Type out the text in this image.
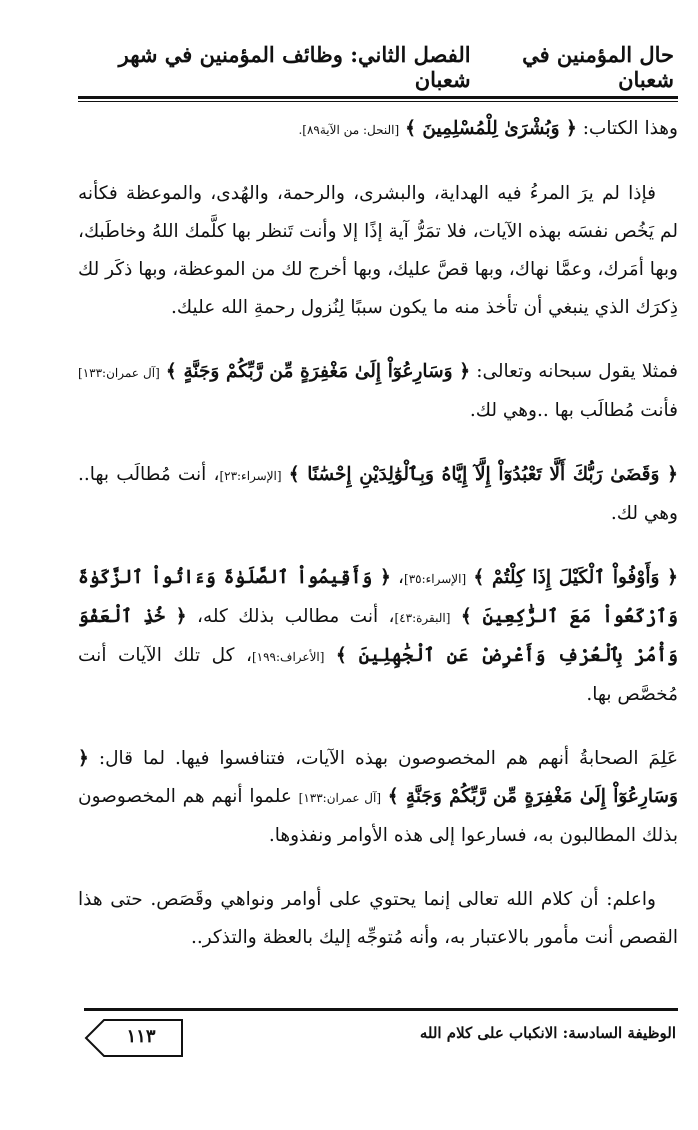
حال المؤمنين في شعبان
الفصل الثاني: وظائف المؤمنين في شهر شعبان

وهذا الكتاب: ﴿ وَبُشْرَىٰ لِلْمُسْلِمِينَ ﴾ [النحل: من الآية٨٩].

فإذا لم يرَ المرءُ فيه الهداية، والبشرى، والرحمة، والهُدى، والموعظة فكأنه لم يَخُص نفسَه بهذه الآيات، فلا تمَرُّ آية إذًا إلا وأنت تَنظر بها كلَّمك اللهُ وخاطَبك، وبها أمَرك، وعمَّا نهاك، وبها قصَّ عليك، وبها أخرج لك من الموعظة، وبها ذكَر لك ذِكرَك الذي ينبغي أن تأخذ منه ما يكون سببًا لِنُزول رحمةِ الله عليك.

فمثلا يقول سبحانه وتعالى: ﴿ وَسَارِعُوٓاْ إِلَىٰ مَغْفِرَةٍ مِّن رَّبِّكُمْ وَجَنَّةٍ ﴾ [آل عمران:١٣٣] فأنت مُطالَب بها ..وهي لك.

﴿ وَقَضَىٰ رَبُّكَ أَلَّا تَعْبُدُوٓاْ إِلَّآ إِيَّاهُ وَبِٱلْوَٰلِدَيْنِ إِحْسَٰنًا ﴾ [الإسراء:٢٣]، أنت مُطالَب بها.. وهي لك.

﴿ وَأَوْفُواْ ٱلْكَيْلَ إِذَا كِلْتُمْ ﴾ [الإسراء:٣٥]، ﴿ وَأَقِيمُواْ ٱلصَّلَوٰةَ وَءَاتُواْ ٱلزَّكَوٰةَ وَٱرْكَعُواْ مَعَ ٱلرَّٰكِعِينَ ﴾ [البقرة:٤٣]، أنت مطالب بذلك كله، ﴿ خُذِ ٱلْعَفْوَ وَأْمُرْ بِٱلْعُرْفِ وَأَعْرِضْ عَنِ ٱلْجَٰهِلِينَ ﴾ [الأعراف:١٩٩]، كل تلك الآيات أنت مُخصَّص بها.

عَلِمَ الصحابةُ أنهم هم المخصوصون بهذه الآيات، فتنافسوا فيها. لما قال: ﴿ وَسَارِعُوٓاْ إِلَىٰ مَغْفِرَةٍ مِّن رَّبِّكُمْ وَجَنَّةٍ ﴾ [آل عمران:١٣٣] علموا أنهم هم المخصوصون بذلك المطالبون به، فسارعوا إلى هذه الأوامر ونفذوها.

واعلم: أن كلام الله تعالى إنما يحتوي على أوامر ونواهي وقَصَص. حتى هذا القصص أنت مأمور بالاعتبار به، وأنه مُتوجِّه إليك بالعظة والتذكر..

الوظيفة السادسة: الانكباب على كلام الله
١١٣
